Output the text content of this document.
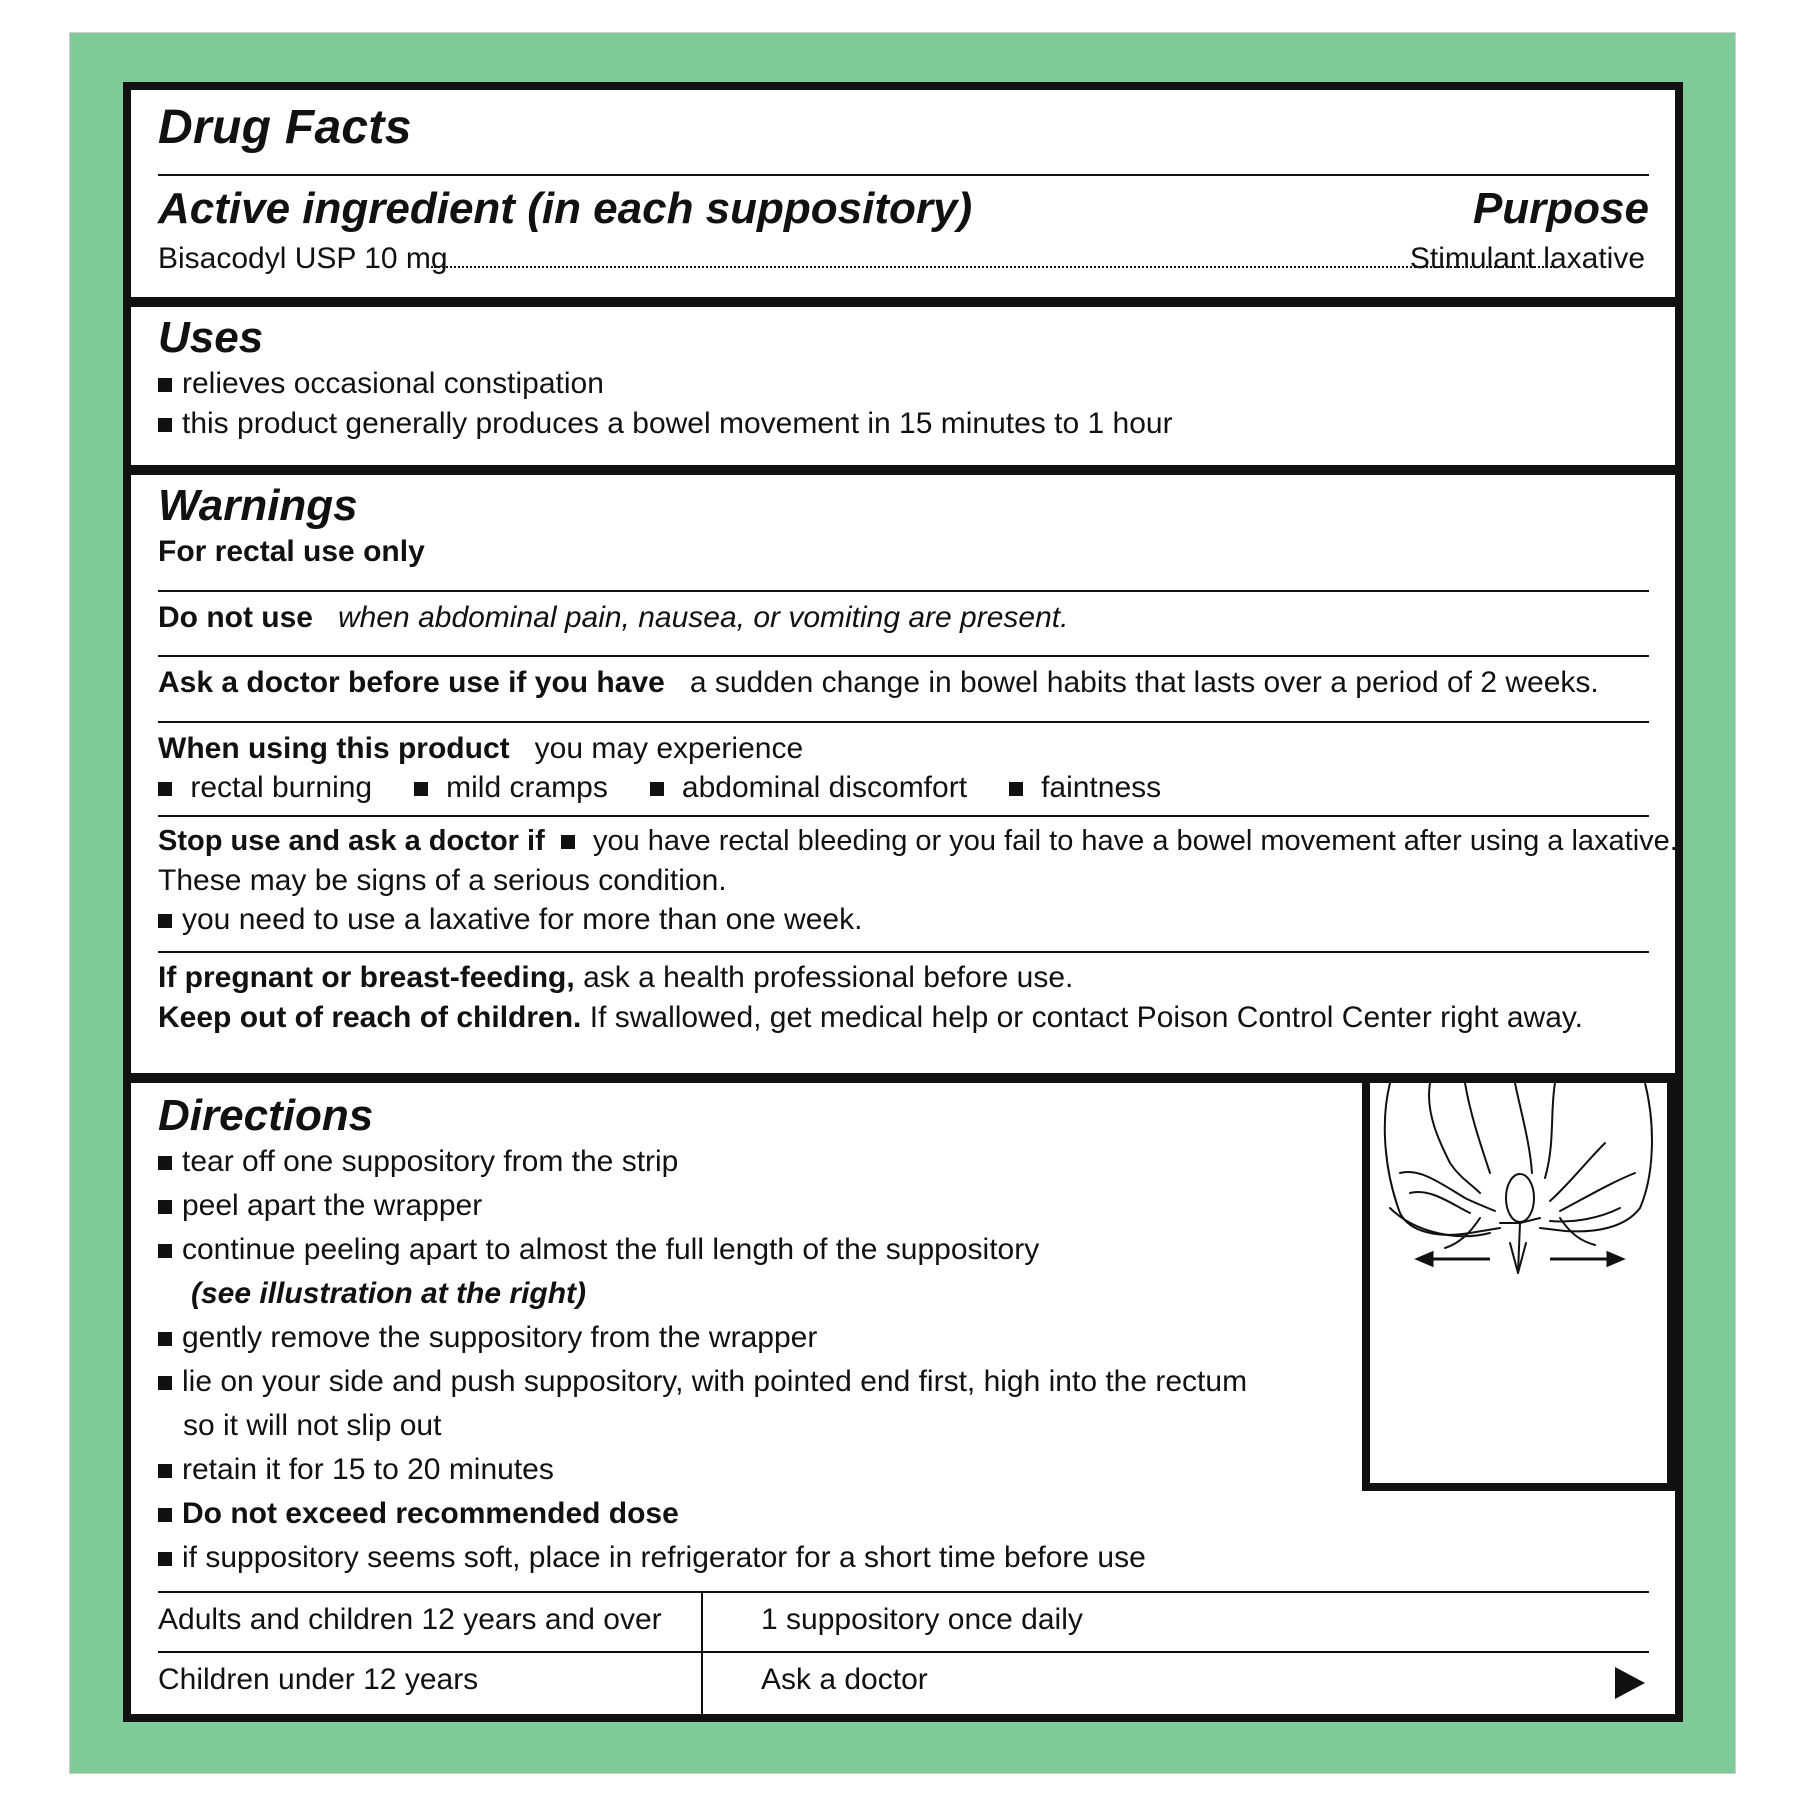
Drug Facts
Active ingredient (in each suppository)	Purpose
Bisacodyl USP 10 mg	Stimulant laxative
Uses
relieves occasional constipation
this product generally produces a bowel movement in 15 minutes to 1 hour
Warnings
For rectal use only
Do not use when abdominal pain, nausea, or vomiting are present.
Ask a doctor before use if you have a sudden change in bowel habits that lasts over a period of 2 weeks.
When using this product you may experience
rectal burning mild cramps abdominal discomfort faintness
Stop use and ask a doctor if you have rectal bleeding or you fail to have a bowel movement after using a laxative.
These may be signs of a serious condition.
you need to use a laxative for more than one week.
If pregnant or breast-feeding, ask a health professional before use.
Keep out of reach of children. If swallowed, get medical help or contact Poison Control Center right away.
Directions
tear off one suppository from the strip
peel apart the wrapper
continue peeling apart to almost the full length of the suppository
(see illustration at the right)
gently remove the suppository from the wrapper
lie on your side and push suppository, with pointed end first, high into the rectum
so it will not slip out
retain it for 15 to 20 minutes
Do not exceed recommended dose
if suppository seems soft, place in refrigerator for a short time before use
Adults and children 12 years and over	1 suppository once daily
Children under 12 years	Ask a doctor
